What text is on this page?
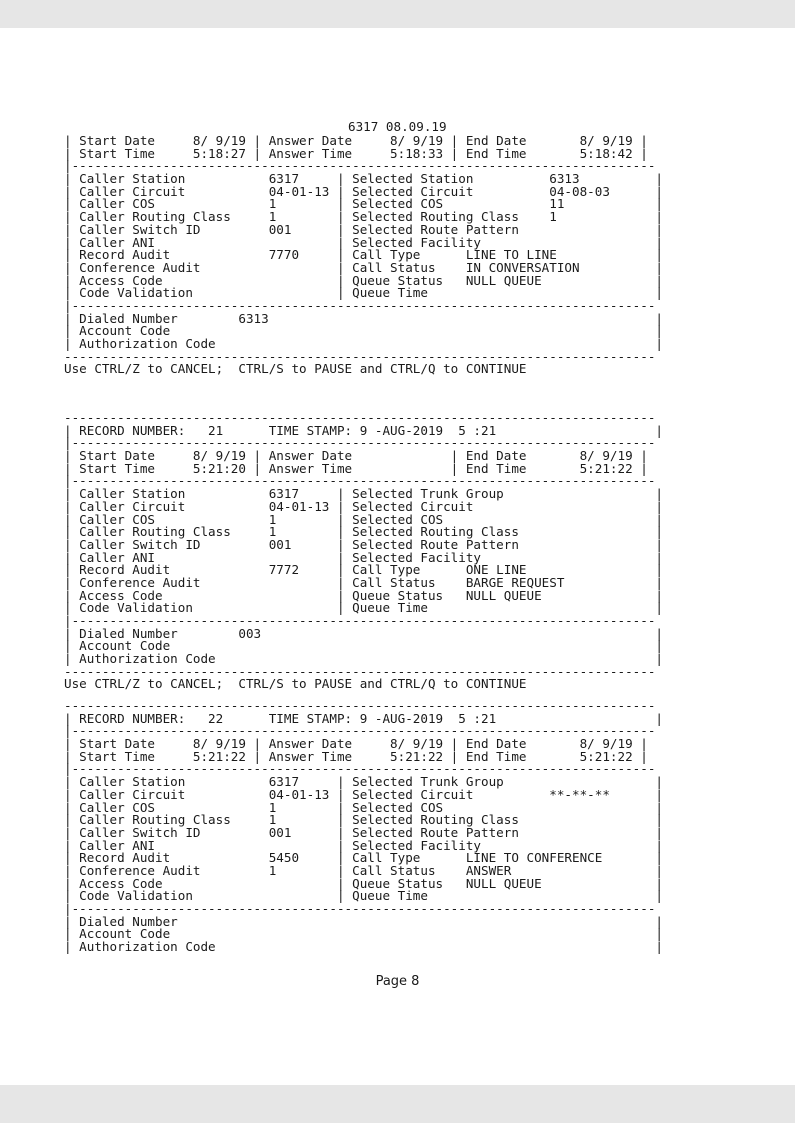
6317 08.09.19
| Start Date     8/ 9/19 | Answer Date     8/ 9/19 | End Date       8/ 9/19 |
| Start Time     5:18:27 | Answer Time     5:18:33 | End Time       5:18:42 |
|-----------------------------------------------------------------------------
| Caller Station           6317     | Selected Station          6313          |
| Caller Circuit           04-01-13 | Selected Circuit          04-08-03      |
| Caller COS               1        | Selected COS              11            |
| Caller Routing Class     1        | Selected Routing Class    1             |
| Caller Switch ID         001      | Selected Route Pattern                  |
| Caller ANI                        | Selected Facility                       |
| Record Audit             7770     | Call Type      LINE TO LINE             |
| Conference Audit                  | Call Status    IN CONVERSATION          |
| Access Code                       | Queue Status   NULL QUEUE               |
| Code Validation                   | Queue Time                              |
|-----------------------------------------------------------------------------
| Dialed Number        6313                                                   |
| Account Code                                                                |
| Authorization Code                                                          |
------------------------------------------------------------------------------
Use CTRL/Z to CANCEL;  CTRL/S to PAUSE and CTRL/Q to CONTINUE
------------------------------------------------------------------------------
| RECORD NUMBER:   21      TIME STAMP: 9 -AUG-2019  5 :21                     |
|-----------------------------------------------------------------------------
| Start Date     8/ 9/19 | Answer Date             | End Date       8/ 9/19 |
| Start Time     5:21:20 | Answer Time             | End Time       5:21:22 |
|-----------------------------------------------------------------------------
| Caller Station           6317     | Selected Trunk Group                    |
| Caller Circuit           04-01-13 | Selected Circuit                        |
| Caller COS               1        | Selected COS                            |
| Caller Routing Class     1        | Selected Routing Class                  |
| Caller Switch ID         001      | Selected Route Pattern                  |
| Caller ANI                        | Selected Facility                       |
| Record Audit             7772     | Call Type      ONE LINE                 |
| Conference Audit                  | Call Status    BARGE REQUEST            |
| Access Code                       | Queue Status   NULL QUEUE               |
| Code Validation                   | Queue Time                              |
|-----------------------------------------------------------------------------
| Dialed Number        003                                                    |
| Account Code                                                                |
| Authorization Code                                                          |
------------------------------------------------------------------------------
Use CTRL/Z to CANCEL;  CTRL/S to PAUSE and CTRL/Q to CONTINUE
------------------------------------------------------------------------------
| RECORD NUMBER:   22      TIME STAMP: 9 -AUG-2019  5 :21                     |
|-----------------------------------------------------------------------------
| Start Date     8/ 9/19 | Answer Date     8/ 9/19 | End Date       8/ 9/19 |
| Start Time     5:21:22 | Answer Time     5:21:22 | End Time       5:21:22 |
|-----------------------------------------------------------------------------
| Caller Station           6317     | Selected Trunk Group                    |
| Caller Circuit           04-01-13 | Selected Circuit          **-**-**      |
| Caller COS               1        | Selected COS                            |
| Caller Routing Class     1        | Selected Routing Class                  |
| Caller Switch ID         001      | Selected Route Pattern                  |
| Caller ANI                        | Selected Facility                       |
| Record Audit             5450     | Call Type      LINE TO CONFERENCE       |
| Conference Audit         1        | Call Status    ANSWER                   |
| Access Code                       | Queue Status   NULL QUEUE               |
| Code Validation                   | Queue Time                              |
|-----------------------------------------------------------------------------
| Dialed Number                                                               |
| Account Code                                                                |
| Authorization Code                                                          |
Page 8
